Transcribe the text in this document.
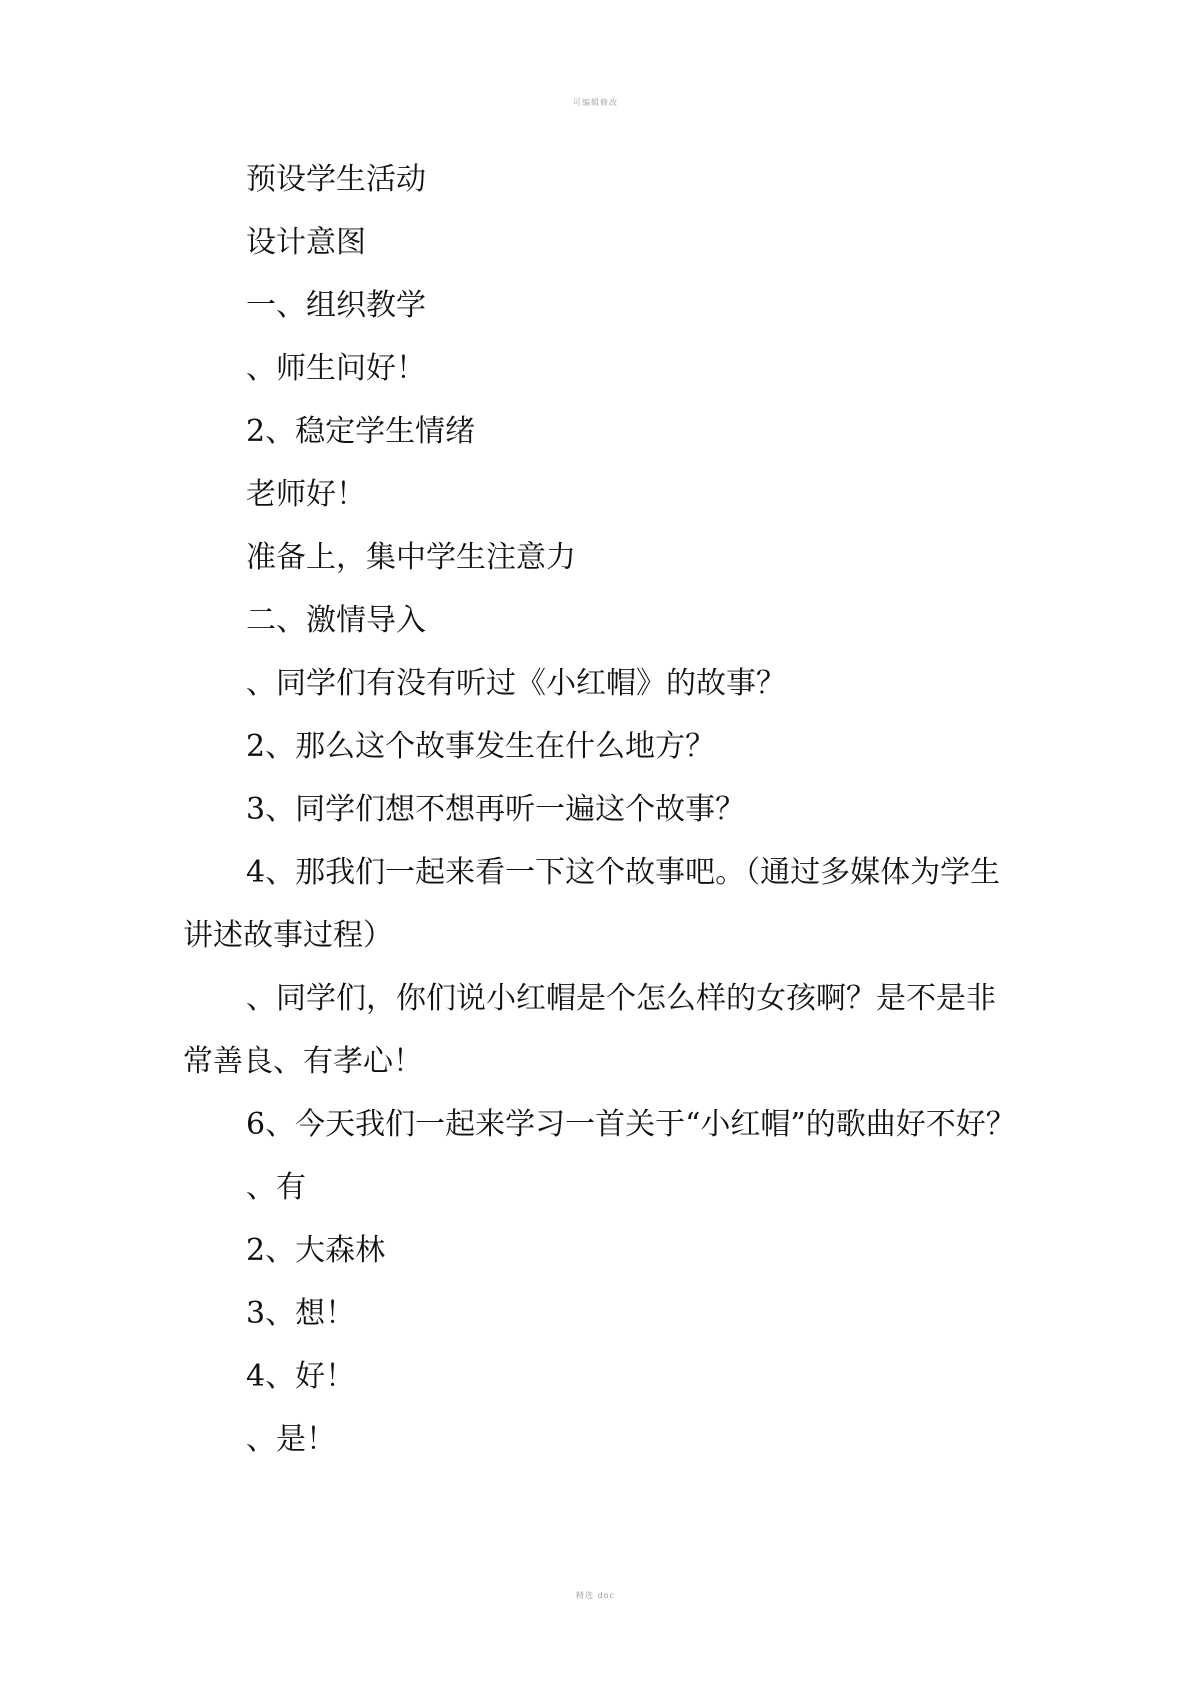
可编辑修改

预设学生活动

设计意图

一、组织教学

、师生问好！

2、稳定学生情绪

老师好！

准备上，集中学生注意力

二、激情导入

、同学们有没有听过《小红帽》的故事？

2、那么这个故事发生在什么地方？

3、同学们想不想再听一遍这个故事？

4、那我们一起来看一下这个故事吧。（通过多媒体为学生讲述故事过程）

、同学们，你们说小红帽是个怎么样的女孩啊？是不是非常善良、有孝心！

6、今天我们一起来学习一首关于“小红帽”的歌曲好不好？

、有

2、大森林

3、想！

4、好！

、是！

精选 doc
